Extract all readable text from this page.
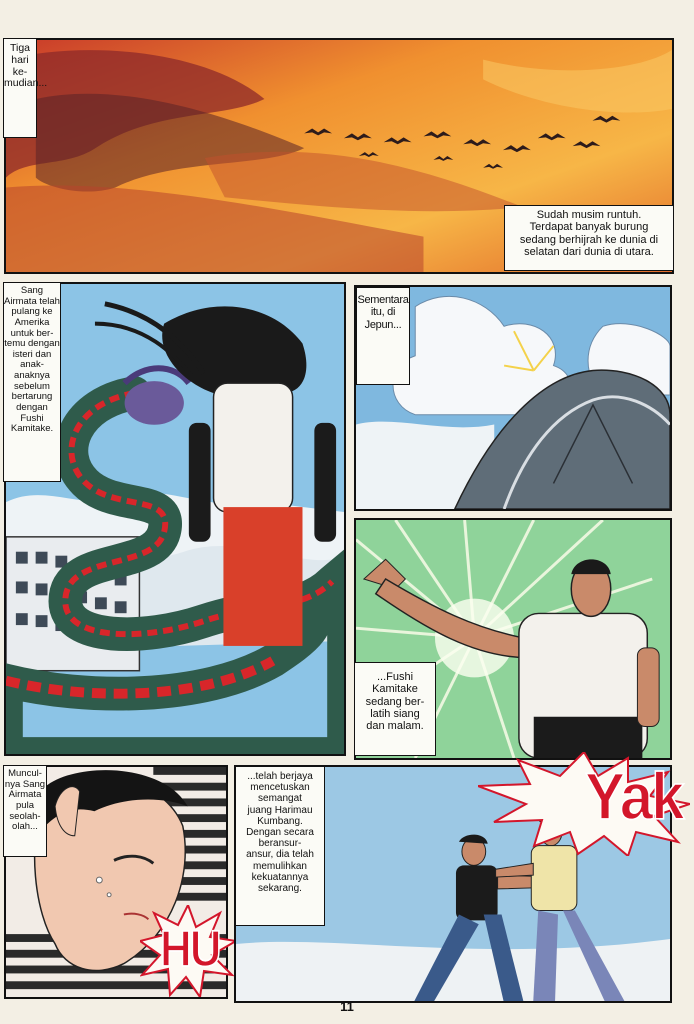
Tiga
hari
ke-
mudian...
Sudah musim runtuh.
Terdapat banyak burung
sedang berhijrah ke dunia di
selatan dari dunia di utara.
Sang
Airmata telah
pulang ke
Amerika
untuk ber-
temu dengan
isteri dan
anak-
anaknya
sebelum
bertarung
dengan
Fushi
Kamitake.
Sementara
itu, di
Jepun...
...Fushi
Kamitake
sedang ber-
latih siang
dan malam.
Muncul-
nya Sang
Airmata
pula
seolah-
olah...
HU
...telah berjaya
mencetuskan
semangat
juang Harimau
Kumbang.
Dengan secara
beransur-
ansur, dia telah
memulihkan
kekuatannya
sekarang.
Yak
11
